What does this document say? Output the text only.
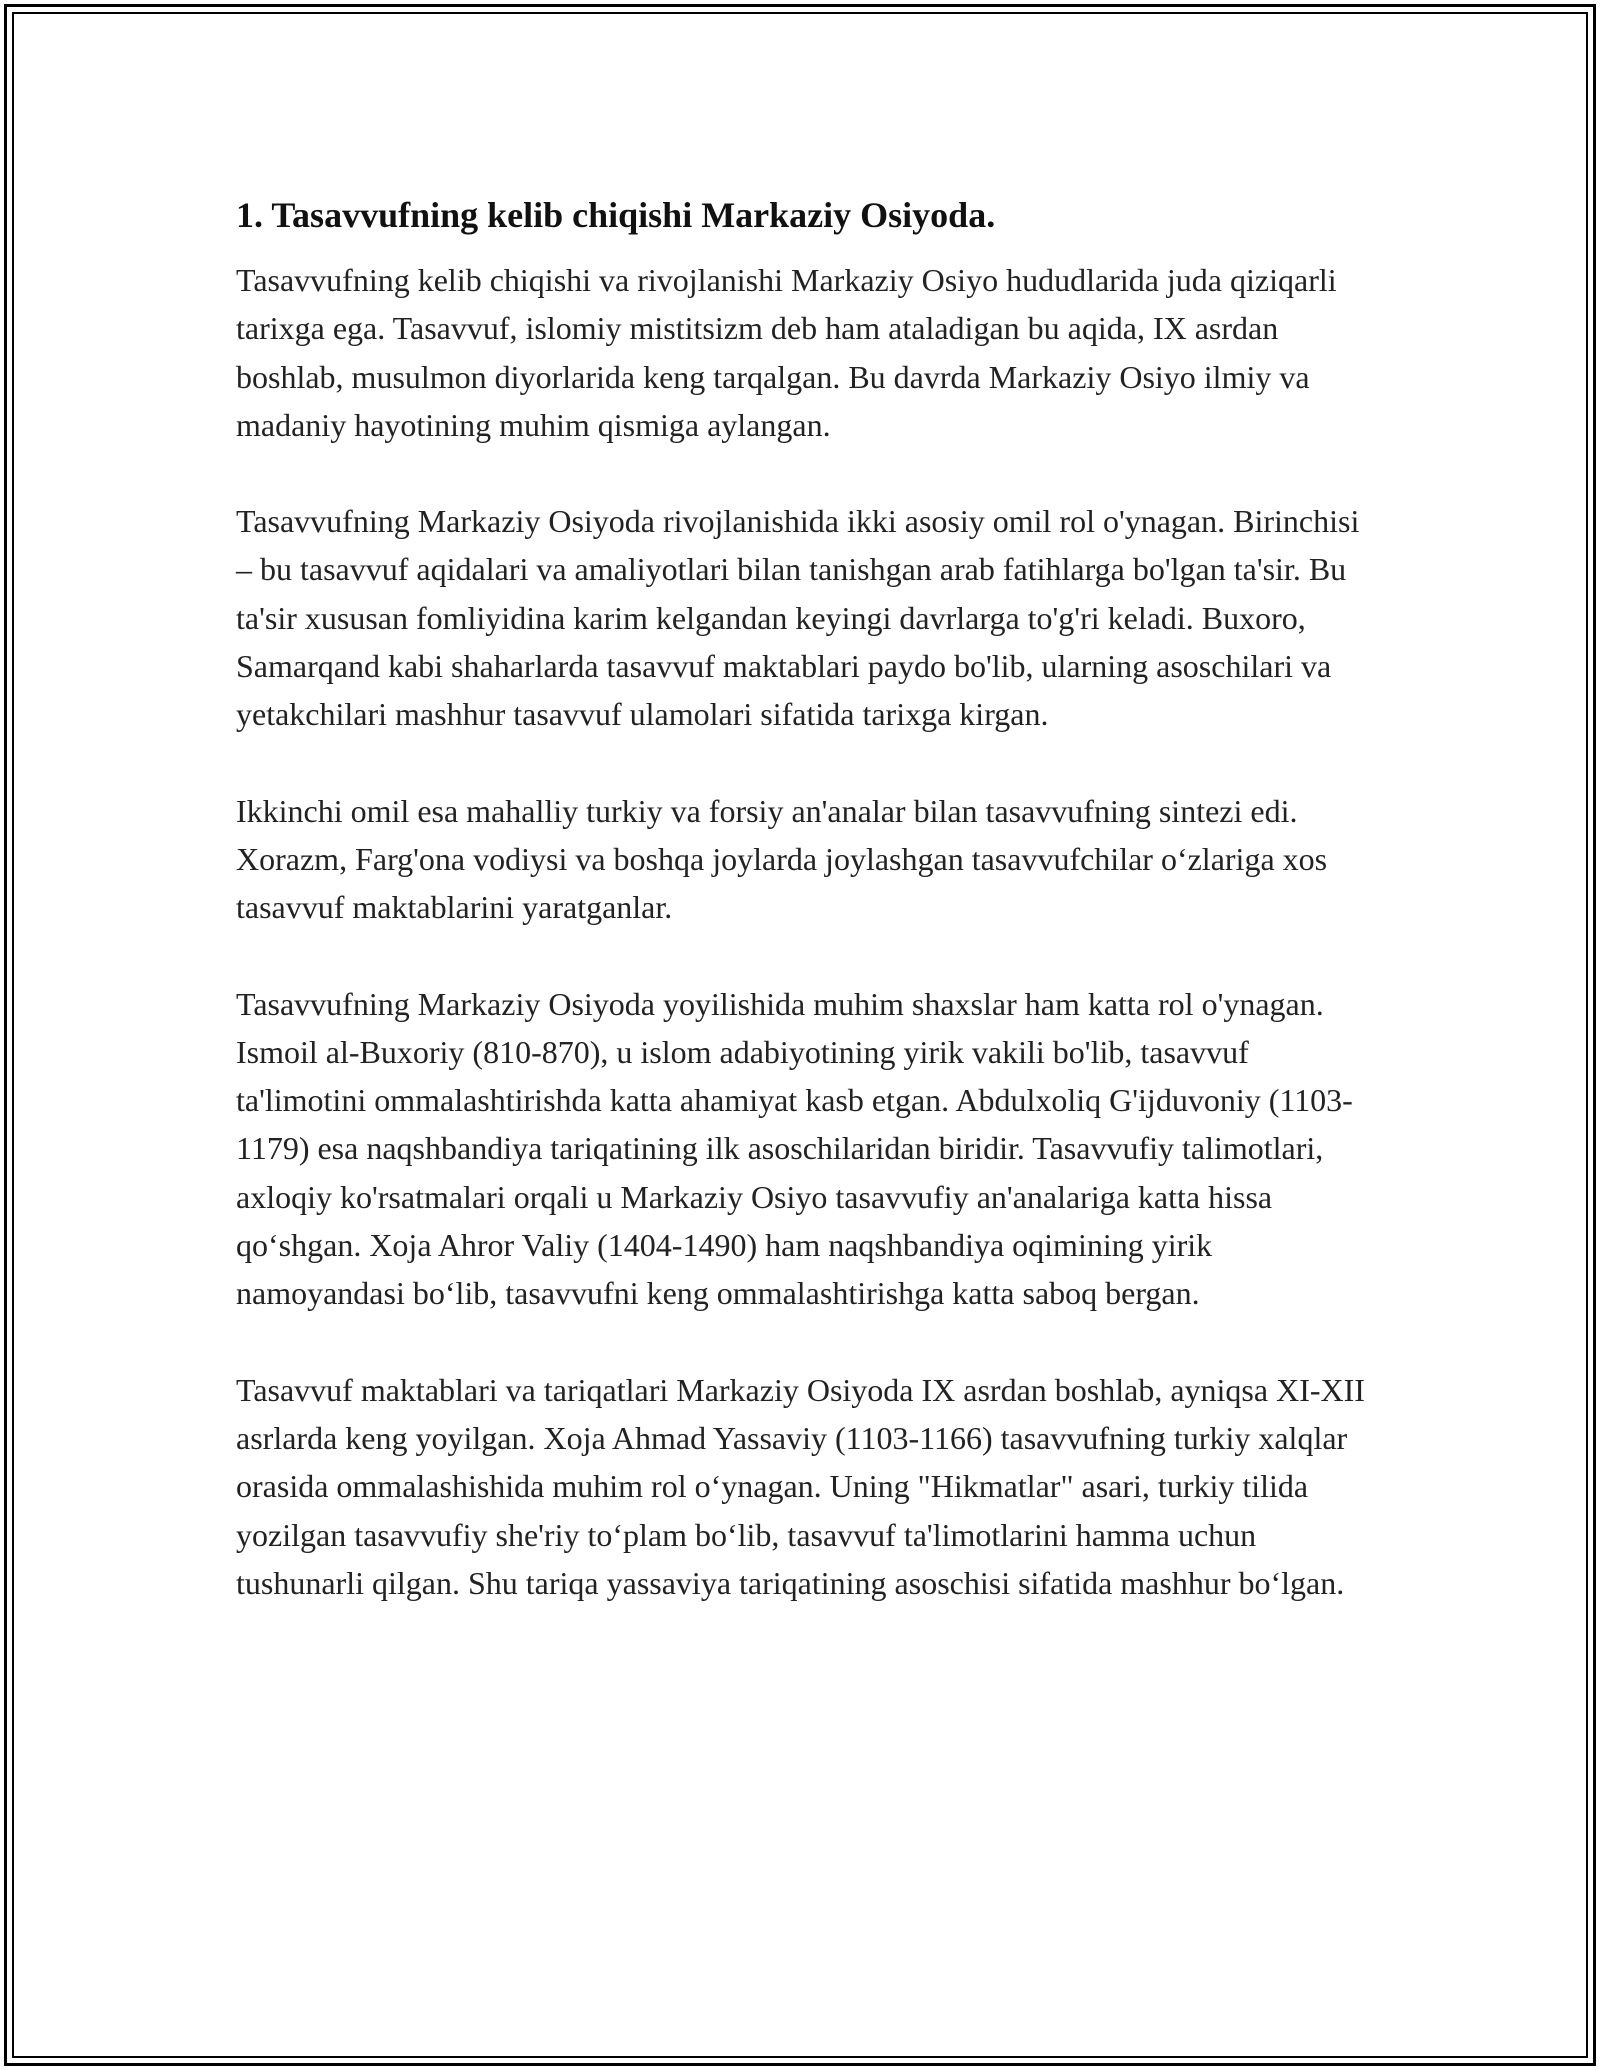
1. Tasavvufning kelib chiqishi Markaziy Osiyoda.

Tasavvufning kelib chiqishi va rivojlanishi Markaziy Osiyo hududlarida juda qiziqarli tarixga ega. Tasavvuf, islomiy mistitsizm deb ham ataladigan bu aqida, IX asrdan boshlab, musulmon diyorlarida keng tarqalgan. Bu davrda Markaziy Osiyo ilmiy va madaniy hayotining muhim qismiga aylangan.

Tasavvufning Markaziy Osiyoda rivojlanishida ikki asosiy omil rol o'ynagan. Birinchisi – bu tasavvuf aqidalari va amaliyotlari bilan tanishgan arab fatihlarga bo'lgan ta'sir. Bu ta'sir xususan fomliyidina karim kelgandan keyingi davrlarga to'g'ri keladi. Buxoro, Samarqand kabi shaharlarda tasavvuf maktablari paydo bo'lib, ularning asoschilari va yetakchilari mashhur tasavvuf ulamolari sifatida tarixga kirgan.

Ikkinchi omil esa mahalliy turkiy va forsiy an'analar bilan tasavvufning sintezi edi. Xorazm, Farg'ona vodiysi va boshqa joylarda joylashgan tasavvufchilar o‘zlariga xos tasavvuf maktablarini yaratganlar.

Tasavvufning Markaziy Osiyoda yoyilishida muhim shaxslar ham katta rol o'ynagan. Ismoil al-Buxoriy (810-870), u islom adabiyotining yirik vakili bo'lib, tasavvuf ta'limotini ommalashtirishda katta ahamiyat kasb etgan. Abdulxoliq G'ijduvoniy (1103-1179) esa naqshbandiya tariqatining ilk asoschilaridan biridir. Tasavvufiy talimotlari, axloqiy ko'rsatmalari orqali u Markaziy Osiyo tasavvufiy an'analariga katta hissa qo‘shgan. Xoja Ahror Valiy (1404-1490) ham naqshbandiya oqimining yirik namoyandasi bo‘lib, tasavvufni keng ommalashtirishga katta saboq bergan.

Tasavvuf maktablari va tariqatlari Markaziy Osiyoda IX asrdan boshlab, ayniqsa XI-XII asrlarda keng yoyilgan. Xoja Ahmad Yassaviy (1103-1166) tasavvufning turkiy xalqlar orasida ommalashishida muhim rol o‘ynagan. Uning "Hikmatlar" asari, turkiy tilida yozilgan tasavvufiy she'riy to‘plam bo‘lib, tasavvuf ta'limotlarini hamma uchun tushunarli qilgan. Shu tariqa yassaviya tariqatining asoschisi sifatida mashhur bo‘lgan.
